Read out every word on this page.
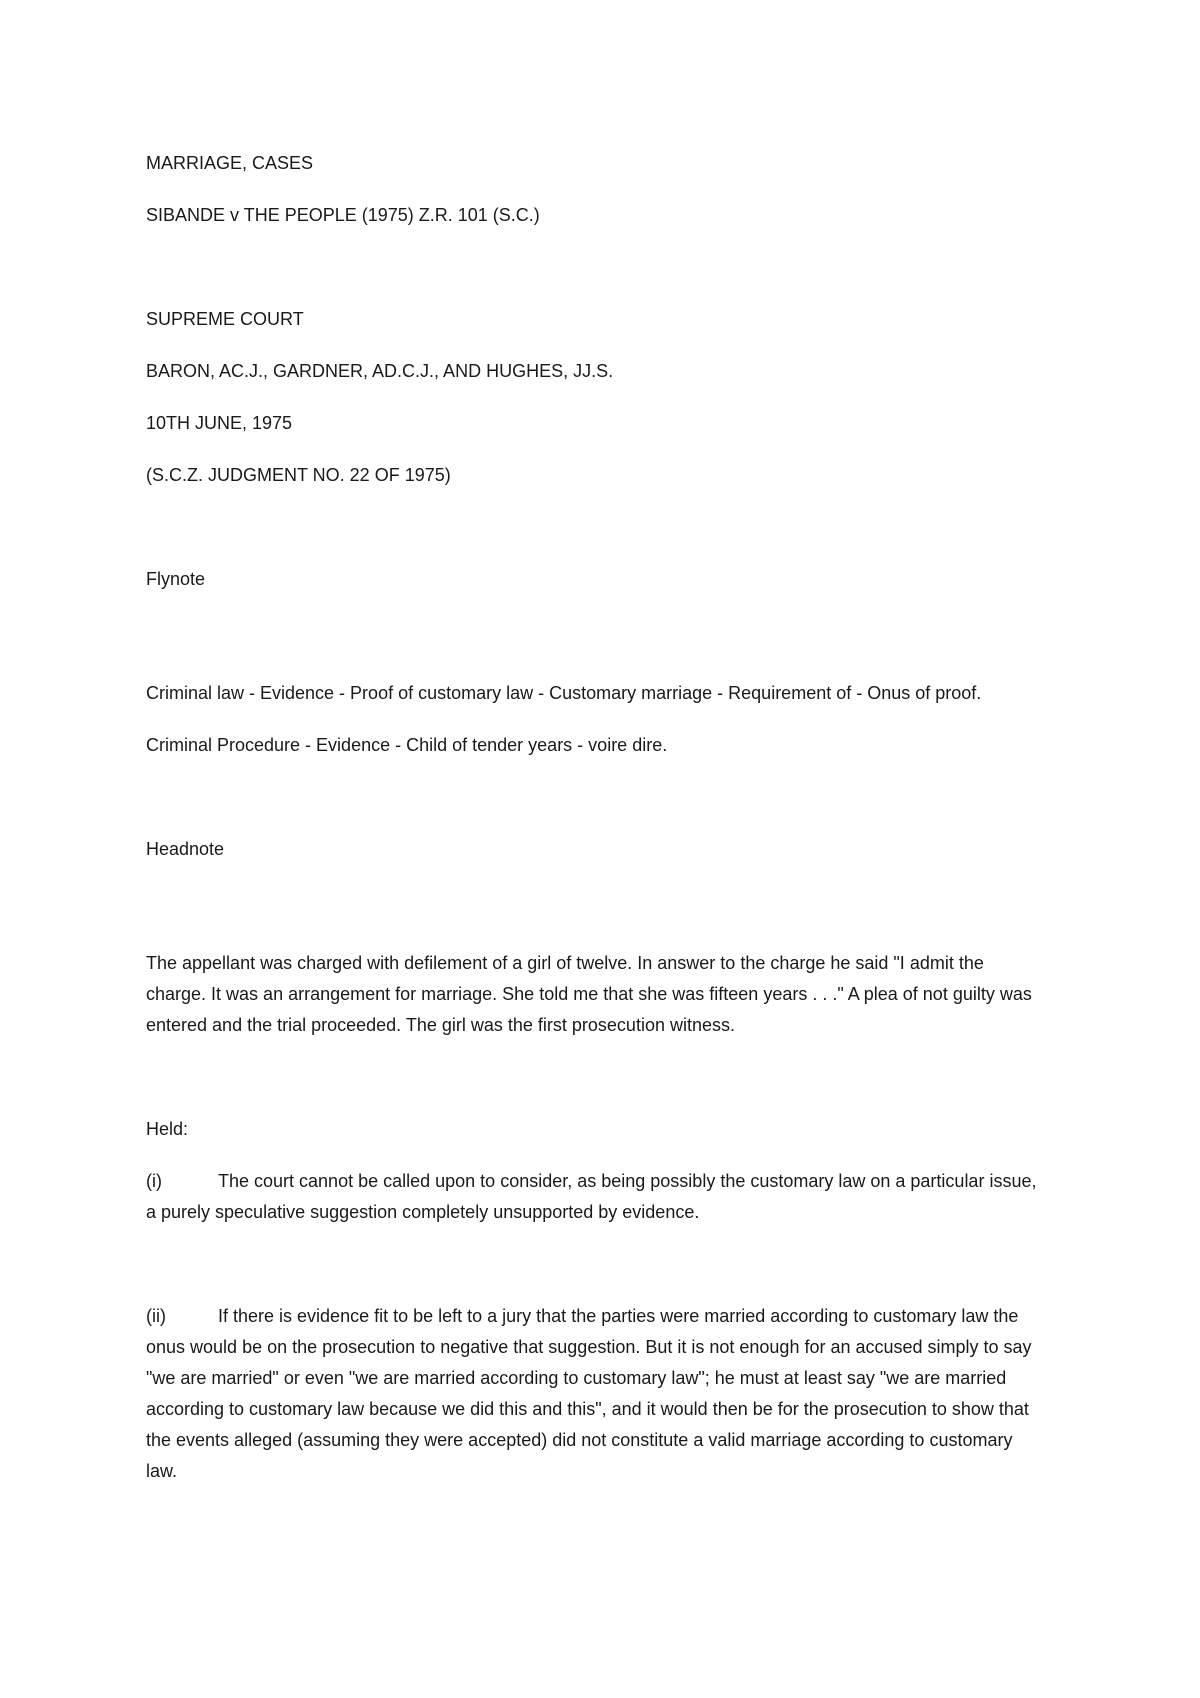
MARRIAGE, CASES

SIBANDE v THE PEOPLE (1975) Z.R. 101 (S.C.)

SUPREME COURT

BARON, AC.J., GARDNER, AD.C.J., AND HUGHES, JJ.S.

10TH JUNE, 1975

(S.C.Z. JUDGMENT NO. 22 OF 1975)

Flynote

Criminal law - Evidence - Proof of customary law - Customary marriage - Requirement of - Onus of proof.

Criminal Procedure - Evidence - Child of tender years - voire dire.

Headnote

The appellant was charged with defilement of a girl of twelve. In answer to the charge he said "I admit the charge. It was an arrangement for marriage. She told me that she was fifteen years . . ." A plea of not guilty was entered and the trial proceeded. The girl was the first prosecution witness.

Held:

(i)	The court cannot be called upon to consider, as being possibly the customary law on a particular issue, a purely speculative suggestion completely unsupported by evidence.

(ii)	If there is evidence fit to be left to a jury that the parties were married according to customary law the onus would be on the prosecution to negative that suggestion. But it is not enough for an accused simply to say "we are married" or even "we are married according to customary law"; he must at least say "we are married according to customary law because we did this and this", and it would then be for the prosecution to show that the events alleged (assuming they were accepted) did not constitute a valid marriage according to customary law.
